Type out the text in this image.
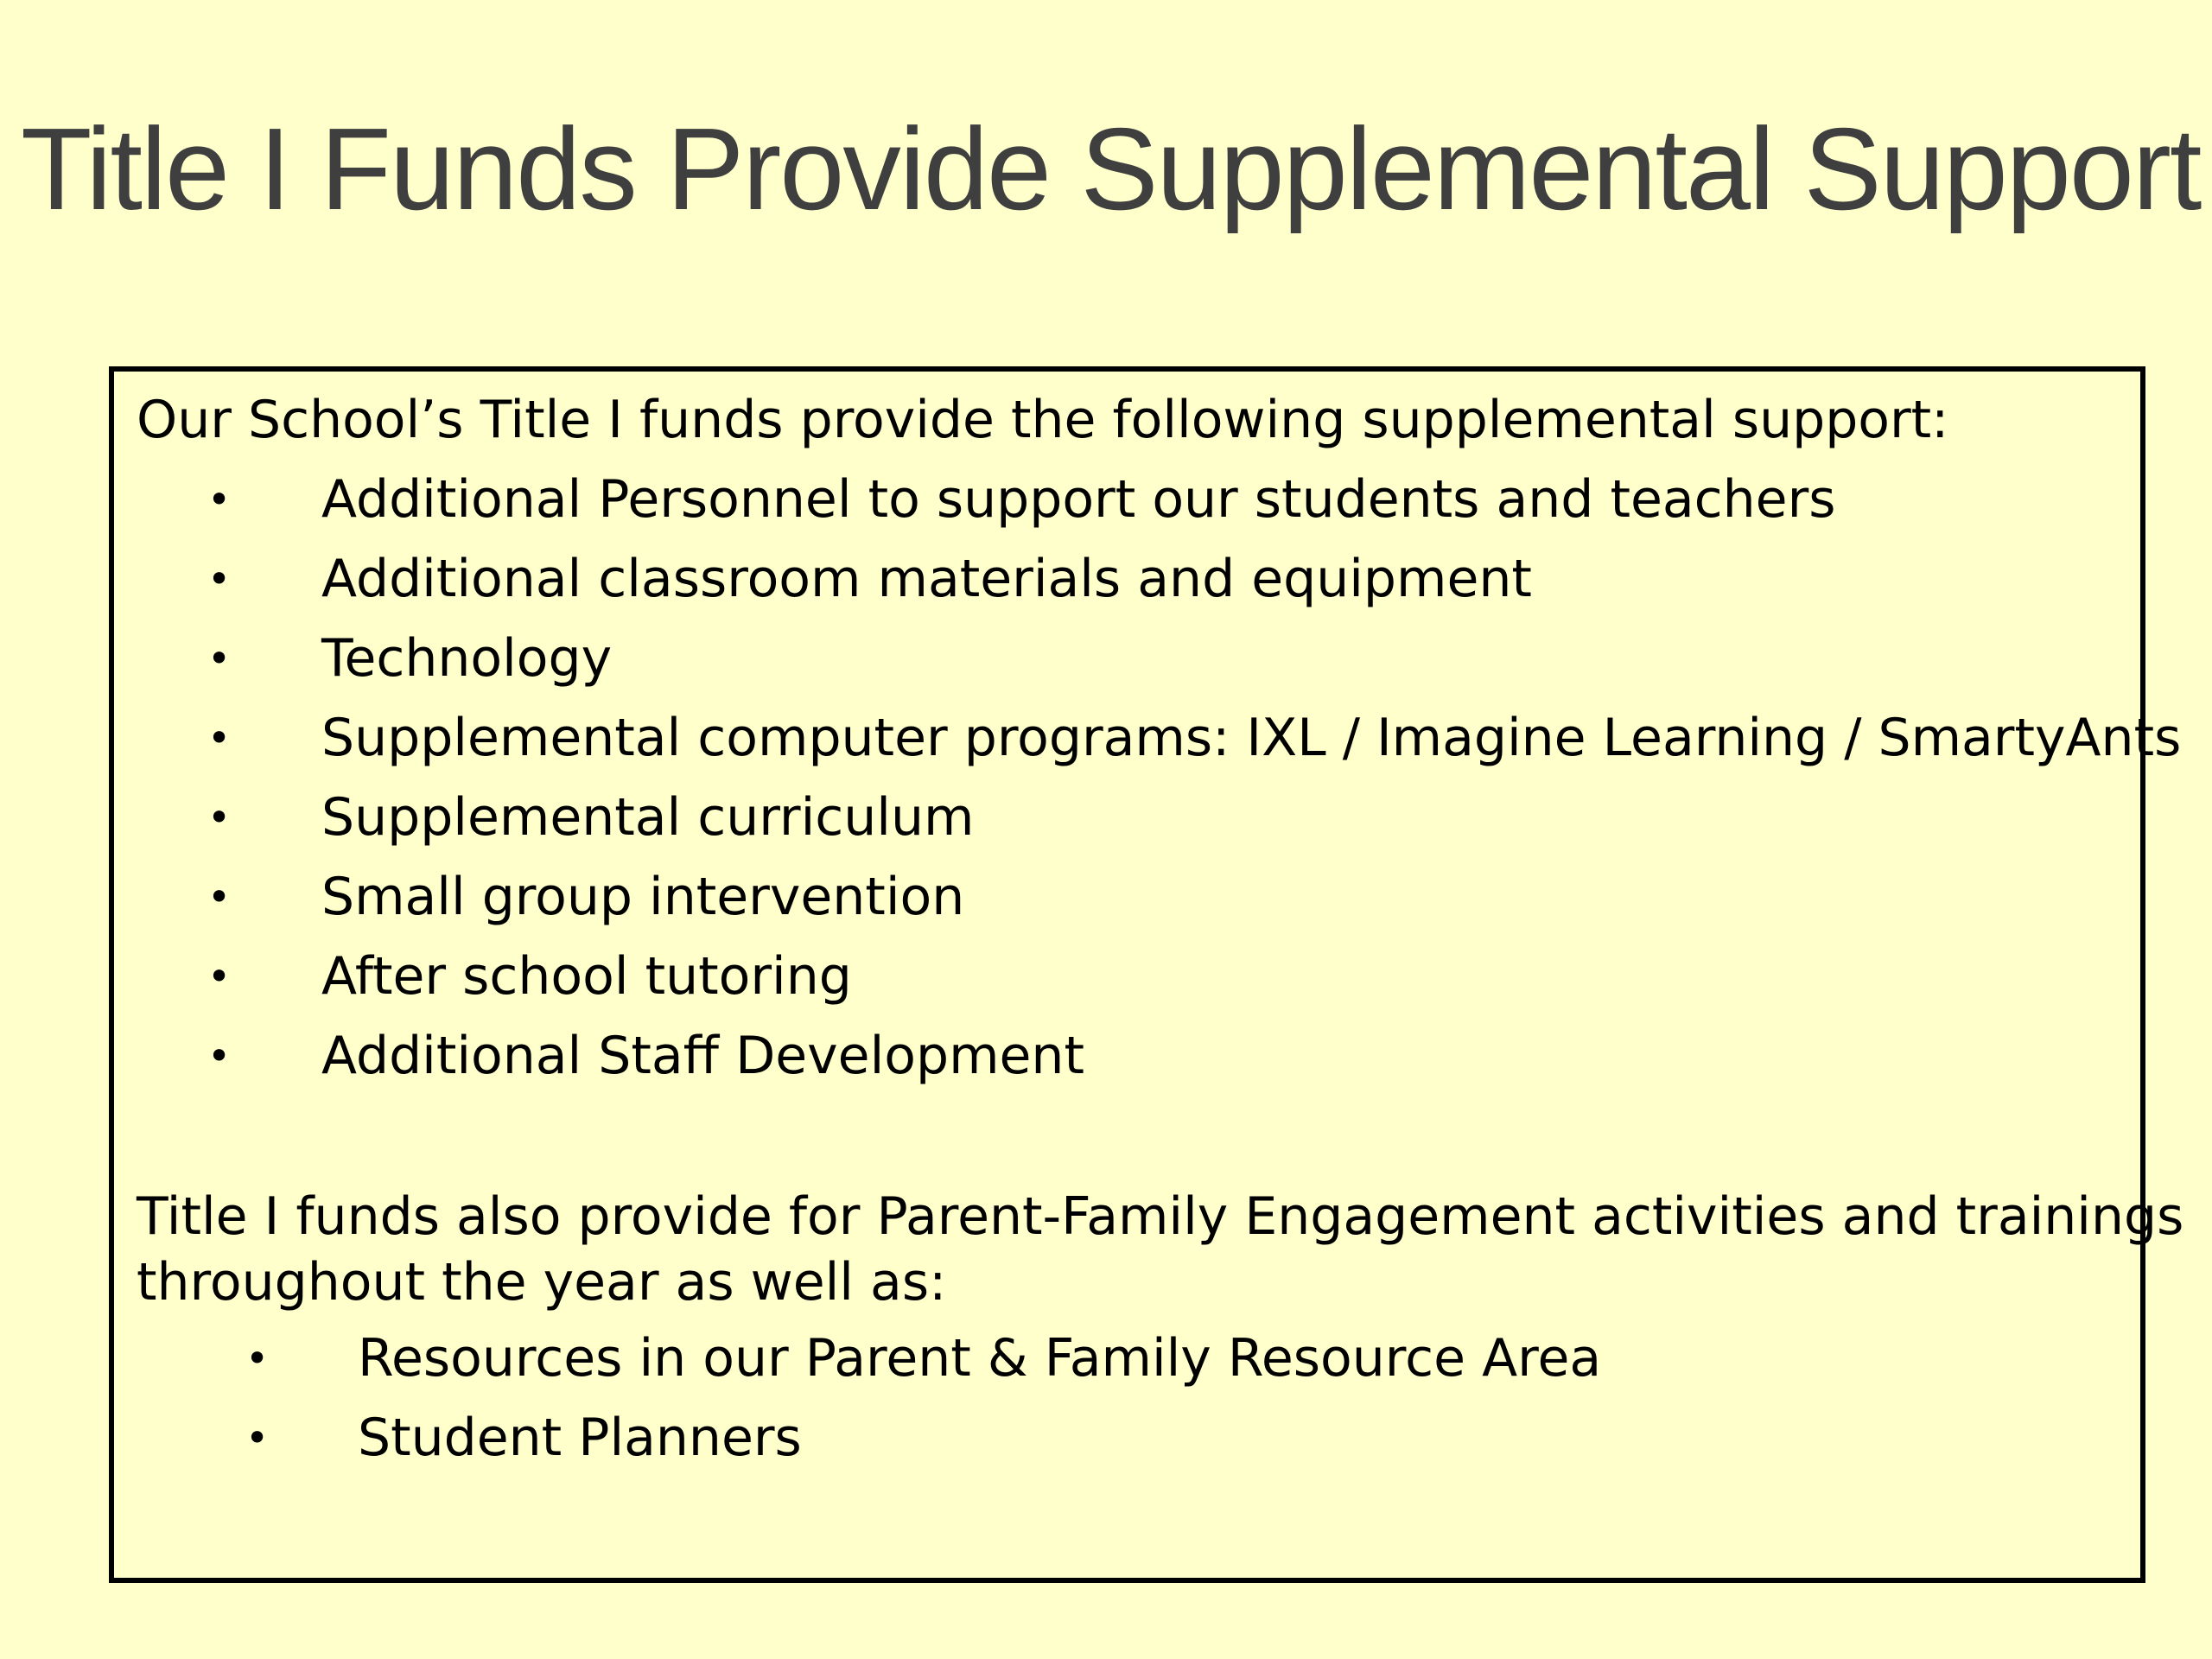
Title I Funds Provide Supplemental Support

Our School’s Title I funds provide the following supplemental support:

• Additional Personnel to support our students and teachers
• Additional classroom materials and equipment
• Technology
• Supplemental computer programs: IXL / Imagine Learning / SmartyAnts
• Supplemental curriculum
• Small group intervention
• After school tutoring
• Additional Staff Development

Title I funds also provide for Parent-Family Engagement activities and trainings
throughout the year as well as:

• Resources in our Parent & Family Resource Area
• Student Planners
